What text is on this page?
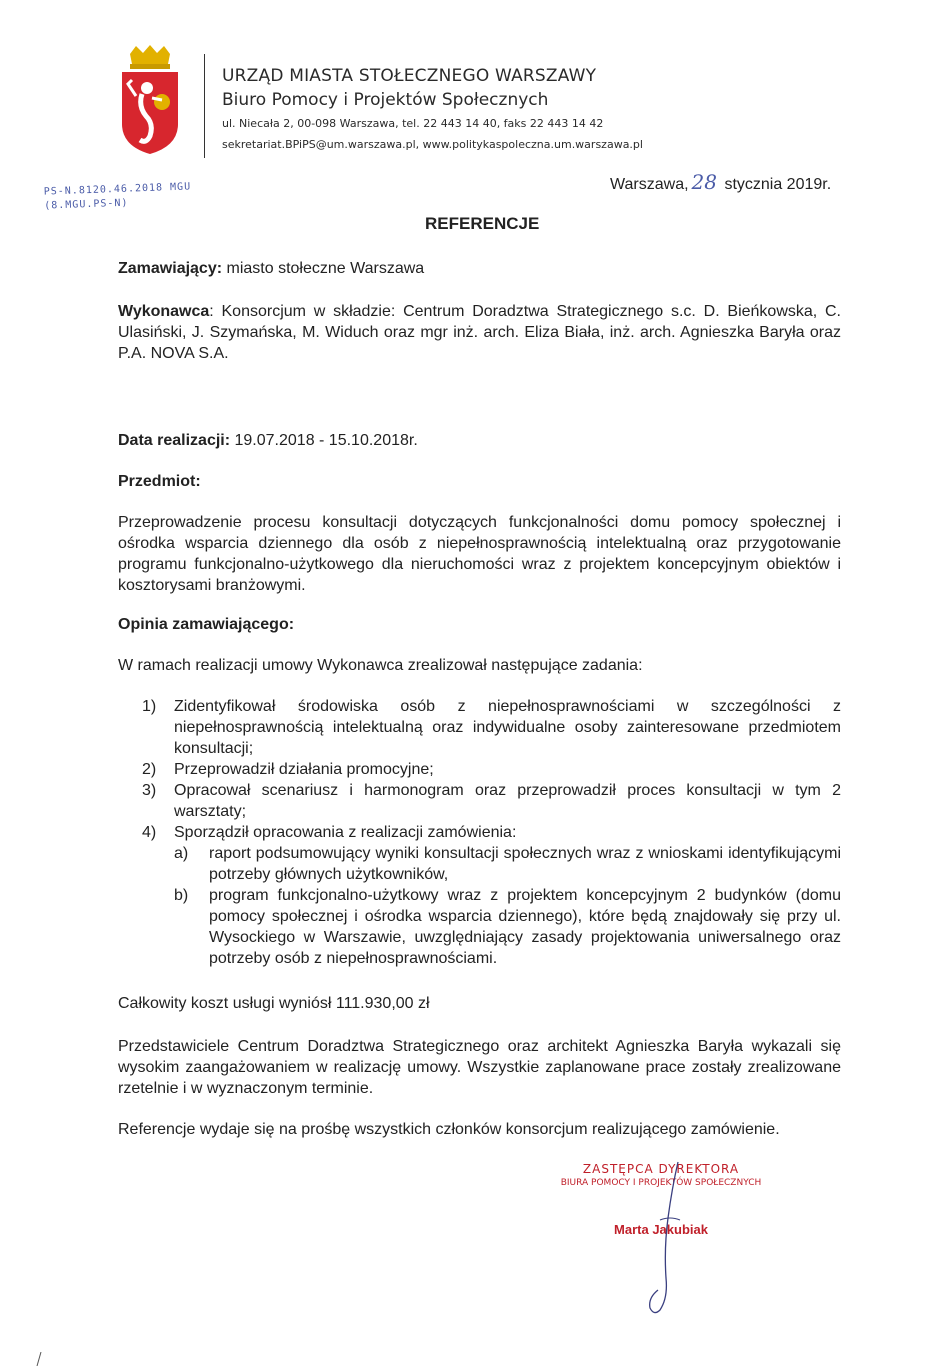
URZĄD MIASTA STOŁECZNEGO WARSZAWY
Biuro Pomocy i Projektów Społecznych
ul. Niecała 2, 00-098 Warszawa, tel. 22 443 14 40, faks 22 443 14 42
sekretariat.BPiPS@um.warszawa.pl, www.politykaspoleczna.um.warszawa.pl
PS-N.8120.46.2018 MGU
(8.MGU.PS-N)
Warszawa, 28 stycznia 2019r.
REFERENCJE

Zamawiający: miasto stołeczne Warszawa

Wykonawca: Konsorcjum w składzie: Centrum Doradztwa Strategicznego s.c. D. Bieńkowska, C. Ulasiński, J. Szymańska, M. Widuch oraz mgr inż. arch. Eliza Biała, inż. arch. Agnieszka Baryła oraz P.A. NOVA S.A.

Data realizacji: 19.07.2018 - 15.10.2018r.

Przedmiot:

Przeprowadzenie procesu konsultacji dotyczących funkcjonalności domu pomocy społecznej i ośrodka wsparcia dziennego dla osób z niepełnosprawnością intelektualną oraz przygotowanie programu funkcjonalno-użytkowego dla nieruchomości wraz z projektem koncepcyjnym obiektów i kosztorysami branżowymi.

Opinia zamawiającego:

W ramach realizacji umowy Wykonawca zrealizował następujące zadania:

1) Zidentyfikował środowiska osób z niepełnosprawnościami w szczególności z niepełnosprawnością intelektualną oraz indywidualne osoby zainteresowane przedmiotem konsultacji;
2) Przeprowadził działania promocyjne;
3) Opracował scenariusz i harmonogram oraz przeprowadził proces konsultacji w tym 2 warsztaty;
4) Sporządził opracowania z realizacji zamówienia:
a) raport podsumowujący wyniki konsultacji społecznych wraz z wnioskami identyfikującymi potrzeby głównych użytkowników,
b) program funkcjonalno-użytkowy wraz z projektem koncepcyjnym 2 budynków (domu pomocy społecznej i ośrodka wsparcia dziennego), które będą znajdowały się przy ul. Wysockiego w Warszawie, uwzględniający zasady projektowania uniwersalnego oraz potrzeby osób z niepełnosprawnościami.

Całkowity koszt usługi wyniósł 111.930,00 zł

Przedstawiciele Centrum Doradztwa Strategicznego oraz architekt Agnieszka Baryła wykazali się wysokim zaangażowaniem w realizację umowy. Wszystkie zaplanowane prace zostały zrealizowane rzetelnie i w wyznaczonym terminie.

Referencje wydaje się na prośbę wszystkich członków konsorcjum realizującego zamówienie.

ZASTĘPCA DYREKTORA
BIURA POMOCY I PROJEKTÓW SPOŁECZNYCH
Marta Jakubiak
